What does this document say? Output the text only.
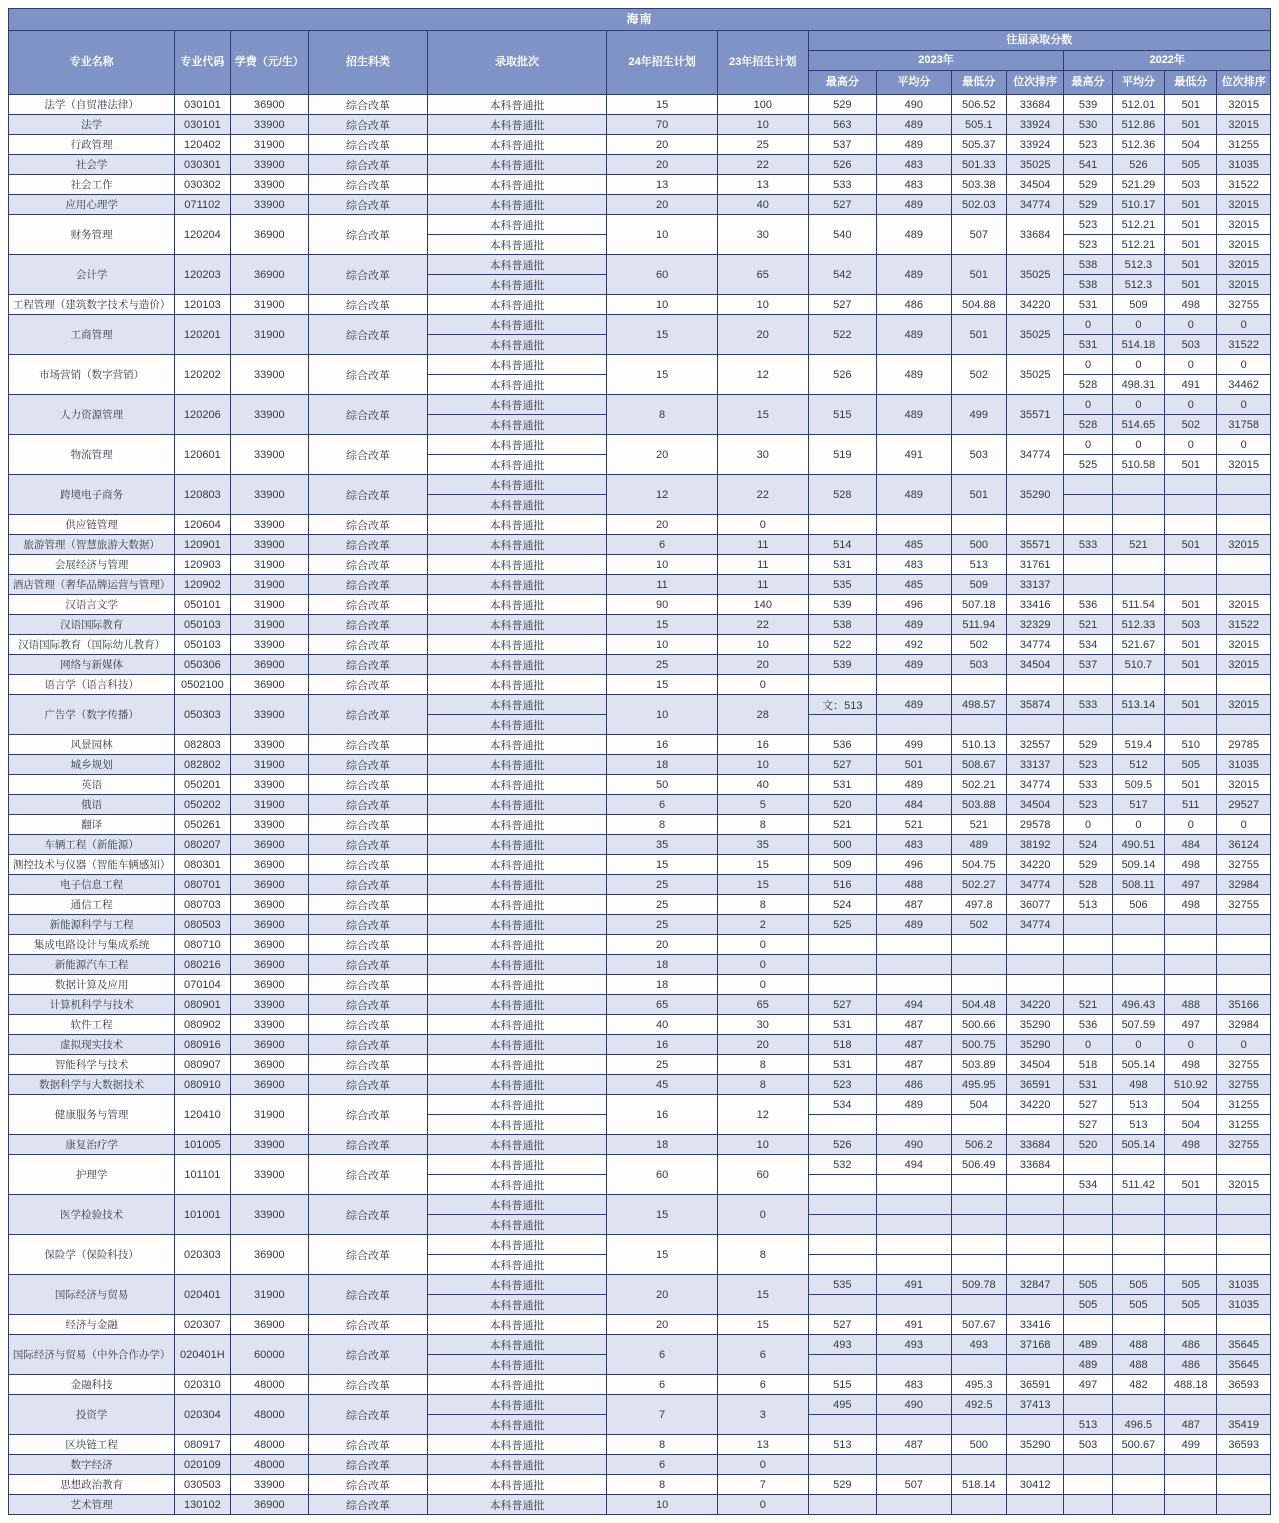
海南														
专业名称	专业代码	学费（元/生）	招生科类	录取批次	24年招生计划	23年招生计划	往届录取分数							
							2023年				2022年			
							最高分	平均分	最低分	位次排序	最高分	平均分	最低分	位次排序
法学（自贸港法律）	030101	36900	综合改革	本科普通批	15	100	529	490	506.52	33684	539	512.01	501	32015
法学	030101	33900	综合改革	本科普通批	70	10	563	489	505.1	33924	530	512.86	501	32015
行政管理	120402	31900	综合改革	本科普通批	20	25	537	489	505.37	33924	523	512.36	504	31255
社会学	030301	33900	综合改革	本科普通批	20	22	526	483	501.33	35025	541	526	505	31035
社会工作	030302	33900	综合改革	本科普通批	13	13	533	483	503.38	34504	529	521.29	503	31522
应用心理学	071102	33900	综合改革	本科普通批	20	40	527	489	502.03	34774	529	510.17	501	32015
财务管理	120204	36900	综合改革	本科普通批	10	30	540	489	507	33684	523	512.21	501	32015
				本科普通批							523	512.21	501	32015
会计学	120203	36900	综合改革	本科普通批	60	65	542	489	501	35025	538	512.3	501	32015
				本科普通批							538	512.3	501	32015
工程管理（建筑数字技术与造价）	120103	31900	综合改革	本科普通批	10	10	527	486	504.88	34220	531	509	498	32755
工商管理	120201	31900	综合改革	本科普通批	15	20	522	489	501	35025	0	0	0	0
				本科普通批							531	514.18	503	31522
市场营销（数字营销）	120202	33900	综合改革	本科普通批	15	12	526	489	502	35025	0	0	0	0
				本科普通批							528	498.31	491	34462
人力资源管理	120206	33900	综合改革	本科普通批	8	15	515	489	499	35571	0	0	0	0
				本科普通批							528	514.65	502	31758
物流管理	120601	33900	综合改革	本科普通批	20	30	519	491	503	34774	0	0	0	0
				本科普通批							525	510.58	501	32015
跨境电子商务	120803	33900	综合改革	本科普通批	12	22	528	489	501	35290				
				本科普通批										
供应链管理	120604	33900	综合改革	本科普通批	20	0								
旅游管理（智慧旅游大数据）	120901	33900	综合改革	本科普通批	6	11	514	485	500	35571	533	521	501	32015
会展经济与管理	120903	31900	综合改革	本科普通批	10	11	531	483	513	31761				
酒店管理（奢华品牌运营与管理）	120902	31900	综合改革	本科普通批	11	11	535	485	509	33137				
汉语言文学	050101	31900	综合改革	本科普通批	90	140	539	496	507.18	33416	536	511.54	501	32015
汉语国际教育	050103	31900	综合改革	本科普通批	15	22	538	489	511.94	32329	521	512.33	503	31522
汉语国际教育（国际幼儿教育）	050103	33900	综合改革	本科普通批	10	10	522	492	502	34774	534	521.67	501	32015
网络与新媒体	050306	36900	综合改革	本科普通批	25	20	539	489	503	34504	537	510.7	501	32015
语言学（语言科技）	0502100	36900	综合改革	本科普通批	15	0								
广告学（数字传播）	050303	33900	综合改革	本科普通批	10	28	文：513	489	498.57	35874	533	513.14	501	32015
				本科普通批										
风景园林	082803	33900	综合改革	本科普通批	16	16	536	499	510.13	32557	529	519.4	510	29785
城乡规划	082802	31900	综合改革	本科普通批	18	10	527	501	508.67	33137	523	512	505	31035
英语	050201	33900	综合改革	本科普通批	50	40	531	489	502.21	34774	533	509.5	501	32015
俄语	050202	31900	综合改革	本科普通批	6	5	520	484	503.88	34504	523	517	511	29527
翻译	050261	33900	综合改革	本科普通批	8	8	521	521	521	29578	0	0	0	0
车辆工程（新能源）	080207	36900	综合改革	本科普通批	35	35	500	483	489	38192	524	490.51	484	36124
测控技术与仪器（智能车辆感知）	080301	36900	综合改革	本科普通批	15	15	509	496	504.75	34220	529	509.14	498	32755
电子信息工程	080701	36900	综合改革	本科普通批	25	15	516	488	502.27	34774	528	508.11	497	32984
通信工程	080703	36900	综合改革	本科普通批	25	8	524	487	497.8	36077	513	506	498	32755
新能源科学与工程	080503	36900	综合改革	本科普通批	25	2	525	489	502	34774				
集成电路设计与集成系统	080710	36900	综合改革	本科普通批	20	0								
新能源汽车工程	080216	36900	综合改革	本科普通批	18	0								
数据计算及应用	070104	36900	综合改革	本科普通批	18	0								
计算机科学与技术	080901	33900	综合改革	本科普通批	65	65	527	494	504.48	34220	521	496.43	488	35166
软件工程	080902	33900	综合改革	本科普通批	40	30	531	487	500.66	35290	536	507.59	497	32984
虚拟现实技术	080916	36900	综合改革	本科普通批	16	20	518	487	500.75	35290	0	0	0	0
智能科学与技术	080907	36900	综合改革	本科普通批	25	8	531	487	503.89	34504	518	505.14	498	32755
数据科学与大数据技术	080910	36900	综合改革	本科普通批	45	8	523	486	495.95	36591	531	498	510.92	32755
健康服务与管理	120410	31900	综合改革	本科普通批	16	12	534	489	504	34220	527	513	504	31255
				本科普通批							527	513	504	31255
康复治疗学	101005	33900	综合改革	本科普通批	18	10	526	490	506.2	33684	520	505.14	498	32755
护理学	101101	33900	综合改革	本科普通批	60	60	532	494	506.49	33684				
				本科普通批							534	511.42	501	32015
医学检验技术	101001	33900	综合改革	本科普通批	15	0								
				本科普通批										
保险学（保险科技）	020303	36900	综合改革	本科普通批	15	8								
				本科普通批										
国际经济与贸易	020401	31900	综合改革	本科普通批	20	15	535	491	509.78	32847	505	505	505	31035
				本科普通批							505	505	505	31035
经济与金融	020307	36900	综合改革	本科普通批	20	15	527	491	507.67	33416				
国际经济与贸易（中外合作办学）	020401H	60000	综合改革	本科普通批	6	6	493	493	493	37168	489	488	486	35645
				本科普通批							489	488	486	35645
金融科技	020310	48000	综合改革	本科普通批	6	6	515	483	495.3	36591	497	482	488.18	36593
投资学	020304	48000	综合改革	本科普通批	7	3	495	490	492.5	37413				
				本科普通批							513	496.5	487	35419
区块链工程	080917	48000	综合改革	本科普通批	8	13	513	487	500	35290	503	500.67	499	36593
数字经济	020109	48000	综合改革	本科普通批	6	0								
思想政治教育	030503	33900	综合改革	本科普通批	8	7	529	507	518.14	30412				
艺术管理	130102	36900	综合改革	本科普通批	10	0								
